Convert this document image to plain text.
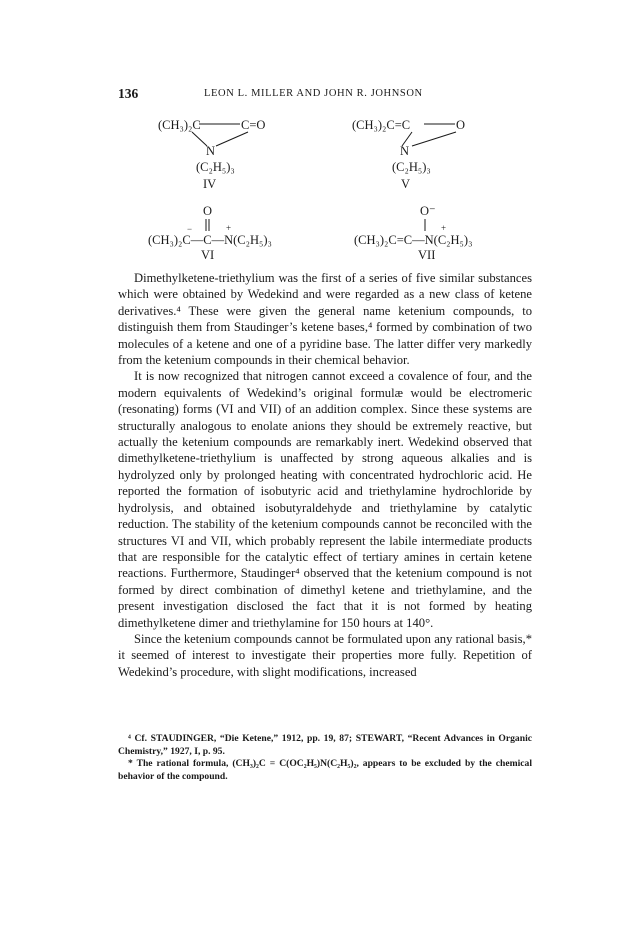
136	LEON L. MILLER AND JOHN R. JOHNSON
(CH₃)₂C	C=O
N
(C₂H₅)₃
IV
(CH₃)₂C=C	O
N
(C₂H₅)₃
V
O
−	+
(CH₃)₂C—C—N(C₂H₅)₃
VI
O⁻
+
(CH₃)₂C=C—N(C₂H₅)₃
VII

Dimethylketene-triethylium was the first of a series of five similar substances which were obtained by Wedekind and were regarded as a new class of ketene derivatives.⁴ These were given the general name ketenium compounds, to distinguish them from Staudinger’s ketene bases,⁴ formed by combination of two molecules of a ketene and one of a pyridine base. The latter differ very markedly from the ketenium compounds in their chemical behavior.

It is now recognized that nitrogen cannot exceed a covalence of four, and the modern equivalents of Wedekind’s original formulæ would be electromeric (resonating) forms (VI and VII) of an addition complex. Since these systems are structurally analogous to enolate anions they should be extremely reactive, but actually the ketenium compounds are remarkably inert. Wedekind observed that dimethylketene-triethylium is unaffected by strong aqueous alkalies and is hydrolyzed only by prolonged heating with concentrated hydrochloric acid. He reported the formation of isobutyric acid and triethylamine hydrochloride by hydrolysis, and obtained isobutyraldehyde and triethylamine by catalytic reduction. The stability of the ketenium compounds cannot be reconciled with the structures VI and VII, which probably represent the labile intermediate products that are responsible for the catalytic effect of tertiary amines in certain ketene reactions. Furthermore, Staudinger⁴ observed that the ketenium compound is not formed by direct combination of dimethyl ketene and triethylamine, and the present investigation disclosed the fact that it is not formed by heating dimethylketene dimer and triethylamine for 150 hours at 140°.

Since the ketenium compounds cannot be formulated upon any rational basis,* it seemed of interest to investigate their properties more fully. Repetition of Wedekind’s procedure, with slight modifications, increased

⁴ Cf. STAUDINGER, “Die Ketene,” 1912, pp. 19, 87; STEWART, “Recent Advances in Organic Chemistry,” 1927, I, p. 95.

* The rational formula, (CH₃)₂C = C(OC₂H₅)N(C₂H₅)₂, appears to be excluded by the chemical behavior of the compound.
